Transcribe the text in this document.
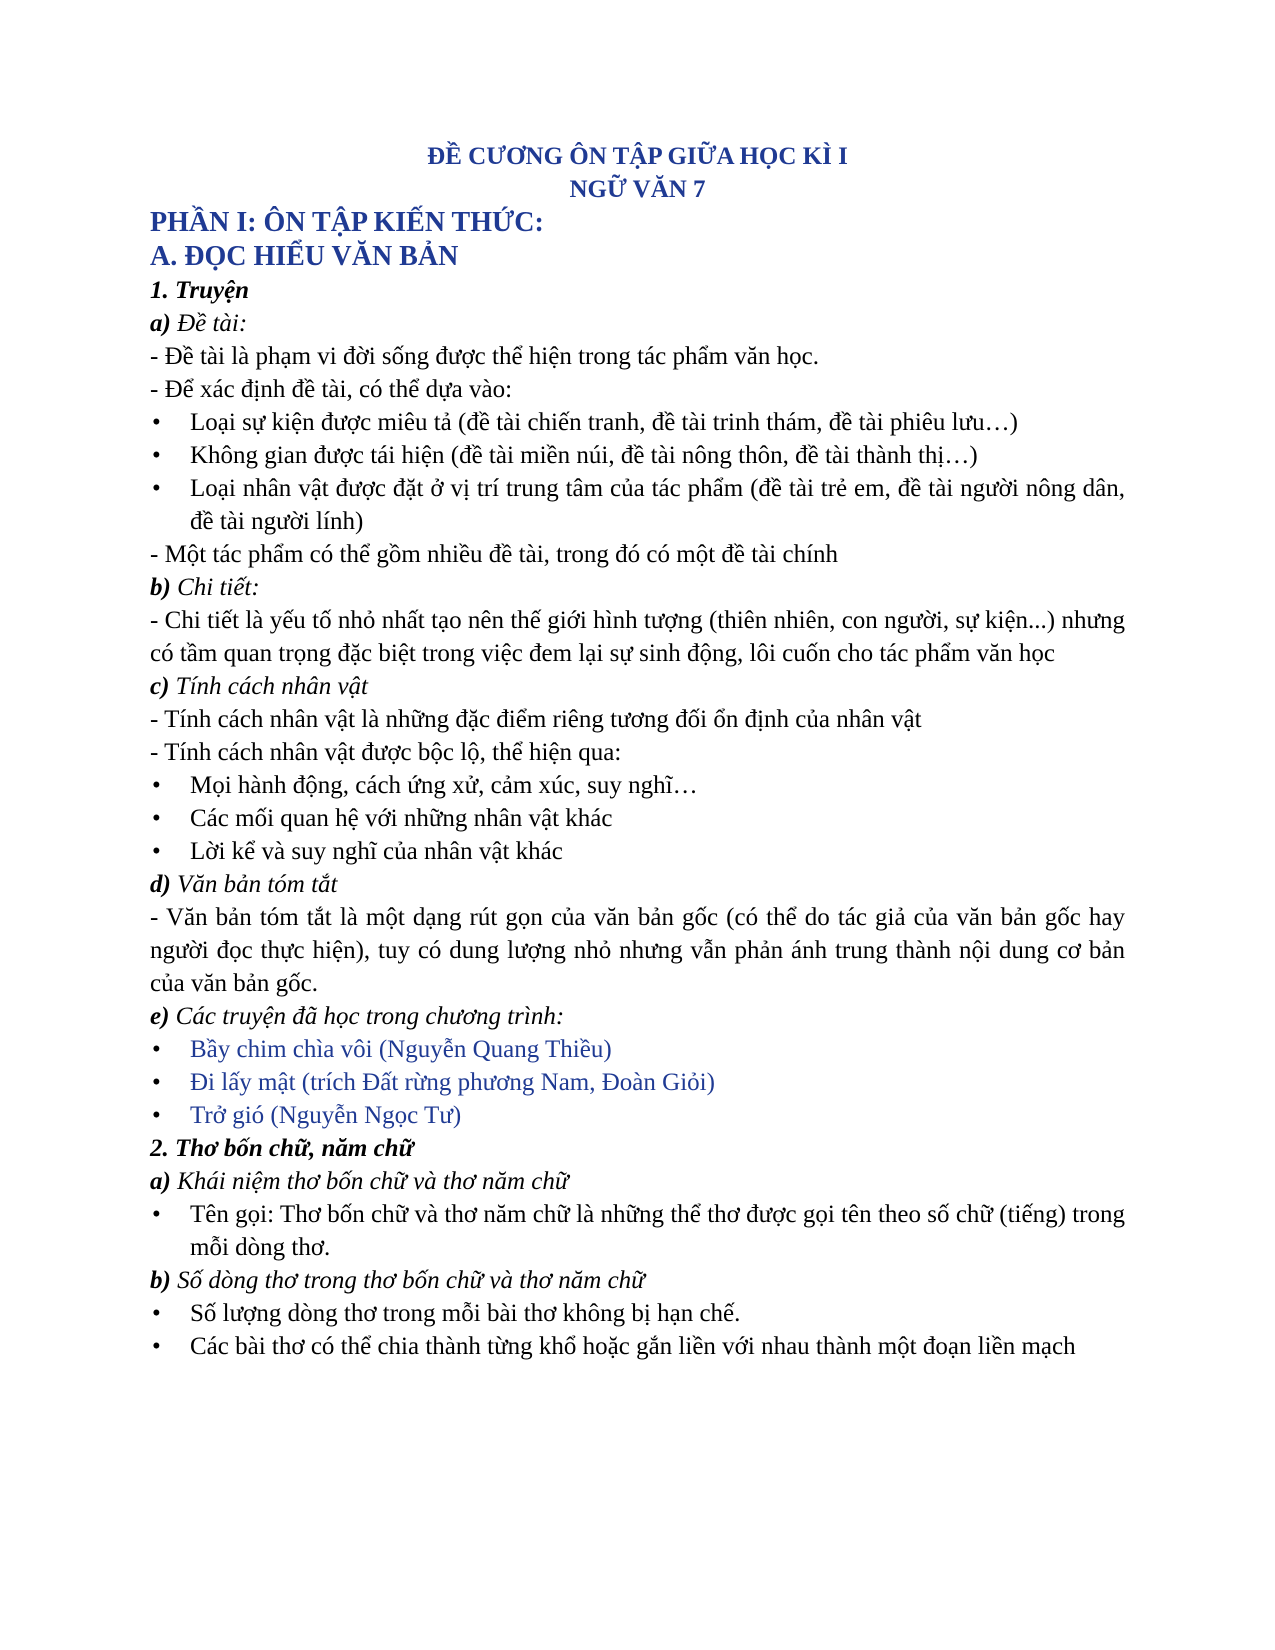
ĐỀ CƯƠNG ÔN TẬP GIỮA HỌC KÌ I
NGỮ VĂN 7
PHẦN I: ÔN TẬP KIẾN THỨC:
A. ĐỌC HIỂU VĂN BẢN
1. Truyện
a) Đề tài:

- Đề tài là phạm vi đời sống được thể hiện trong tác phẩm văn học.

- Để xác định đề tài, có thể dựa vào:

• Loại sự kiện được miêu tả (đề tài chiến tranh, đề tài trinh thám, đề tài phiêu lưu…)
• Không gian được tái hiện (đề tài miền núi, đề tài nông thôn, đề tài thành thị…)
• Loại nhân vật được đặt ở vị trí trung tâm của tác phẩm (đề tài trẻ em, đề tài người nông dân, đề tài người lính)

- Một tác phẩm có thể gồm nhiều đề tài, trong đó có một đề tài chính

b) Chi tiết:

- Chi tiết là yếu tố nhỏ nhất tạo nên thế giới hình tượng (thiên nhiên, con người, sự kiện...) nhưng có tầm quan trọng đặc biệt trong việc đem lại sự sinh động, lôi cuốn cho tác phẩm văn học

c) Tính cách nhân vật

- Tính cách nhân vật là những đặc điểm riêng tương đối ổn định của nhân vật

- Tính cách nhân vật được bộc lộ, thể hiện qua:

• Mọi hành động, cách ứng xử, cảm xúc, suy nghĩ…
• Các mối quan hệ với những nhân vật khác
• Lời kể và suy nghĩ của nhân vật khác
d) Văn bản tóm tắt

- Văn bản tóm tắt là một dạng rút gọn của văn bản gốc (có thể do tác giả của văn bản gốc hay người đọc thực hiện), tuy có dung lượng nhỏ nhưng vẫn phản ánh trung thành nội dung cơ bản của văn bản gốc.

e) Các truyện đã học trong chương trình:
• Bầy chim chìa vôi (Nguyễn Quang Thiều)
• Đi lấy mật (trích Đất rừng phương Nam, Đoàn Giỏi)
• Trở gió (Nguyễn Ngọc Tư)
2. Thơ bốn chữ, năm chữ
a) Khái niệm thơ bốn chữ và thơ năm chữ
• Tên gọi: Thơ bốn chữ và thơ năm chữ là những thể thơ được gọi tên theo số chữ (tiếng) trong mỗi dòng thơ.
b) Số dòng thơ trong thơ bốn chữ và thơ năm chữ
• Số lượng dòng thơ trong mỗi bài thơ không bị hạn chế.
• Các bài thơ có thể chia thành từng khổ hoặc gắn liền với nhau thành một đoạn liền mạch
